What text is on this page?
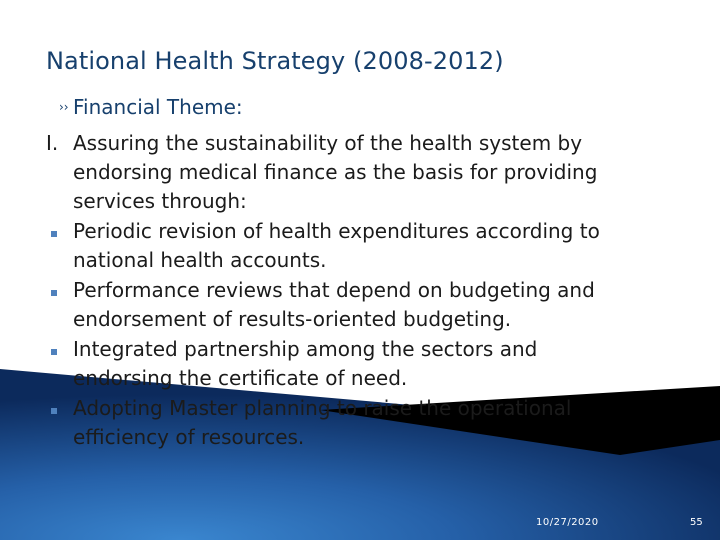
National Health Strategy (2008-2012)
›› Financial Theme:
I. Assuring the sustainability of the health system by
endorsing medical finance as the basis for providing
services through:
Periodic revision of health expenditures according to
national health accounts.
Performance reviews that depend on budgeting and
endorsement of results-oriented budgeting.
Integrated partnership among the sectors and
endorsing the certificate of need.
Adopting Master planning to raise the operational
efficiency of resources.
10/27/2020	55
